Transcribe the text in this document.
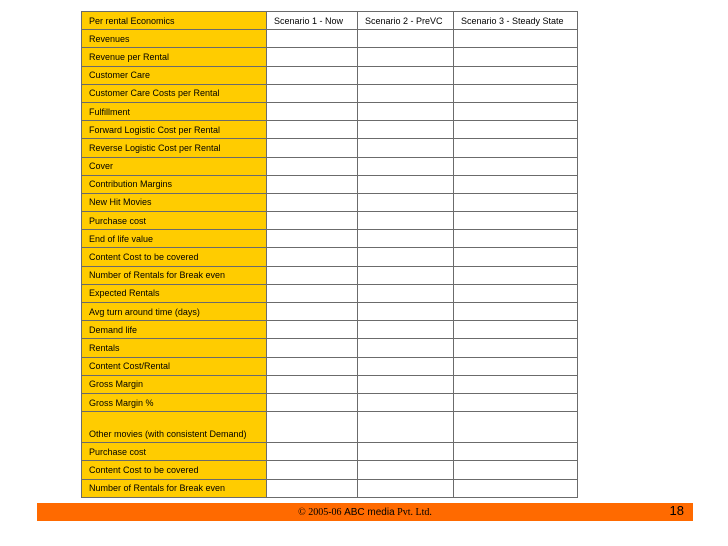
Per rental Economics	Scenario 1 - Now	Scenario 2 - PreVC	Scenario 3 - Steady State
Revenues			
Revenue per Rental			
Customer Care			
Customer Care Costs per Rental			
Fulfillment			
Forward Logistic Cost per Rental			
Reverse Logistic Cost per Rental			
Cover			
Contribution Margins			
New Hit Movies			
Purchase cost			
End of life value			
Content Cost to be covered			
Number of Rentals for Break even			
Expected Rentals			
Avg turn around time (days)			
Demand life			
Rentals			
Content Cost/Rental			
Gross Margin			
Gross Margin %			
Other movies (with consistent Demand)			
Purchase cost			
Content Cost to be covered			
Number of Rentals for Break even			
© 2005-06 ABC media Pvt. Ltd.	18
